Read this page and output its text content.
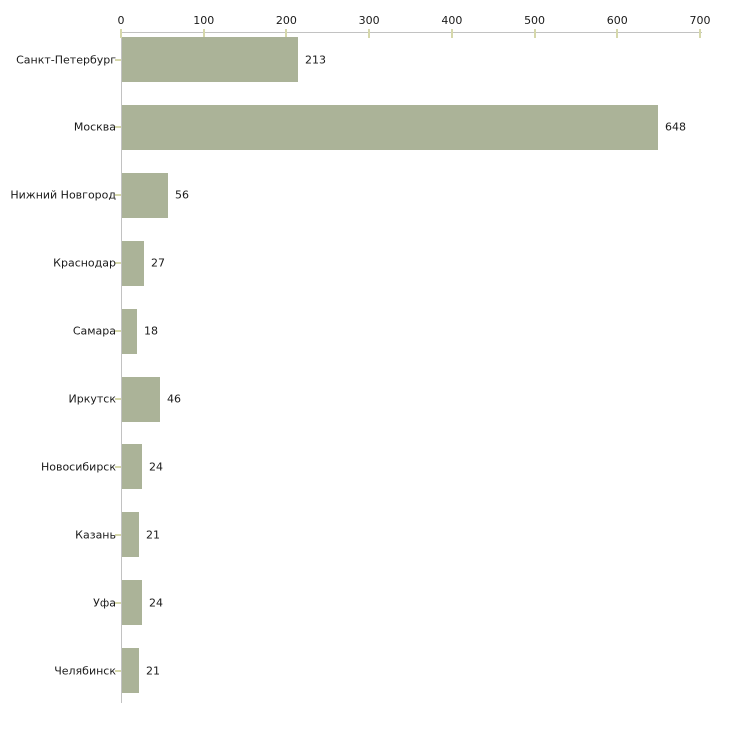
0	100	200	300	400	500	600	700
Санкт-Петербург	213
Москва	648
Нижний Новгород	56
Краснодар	27
Самара	18
Иркутск	46
Новосибирск	24
Казань	21
Уфа	24
Челябинск	21
